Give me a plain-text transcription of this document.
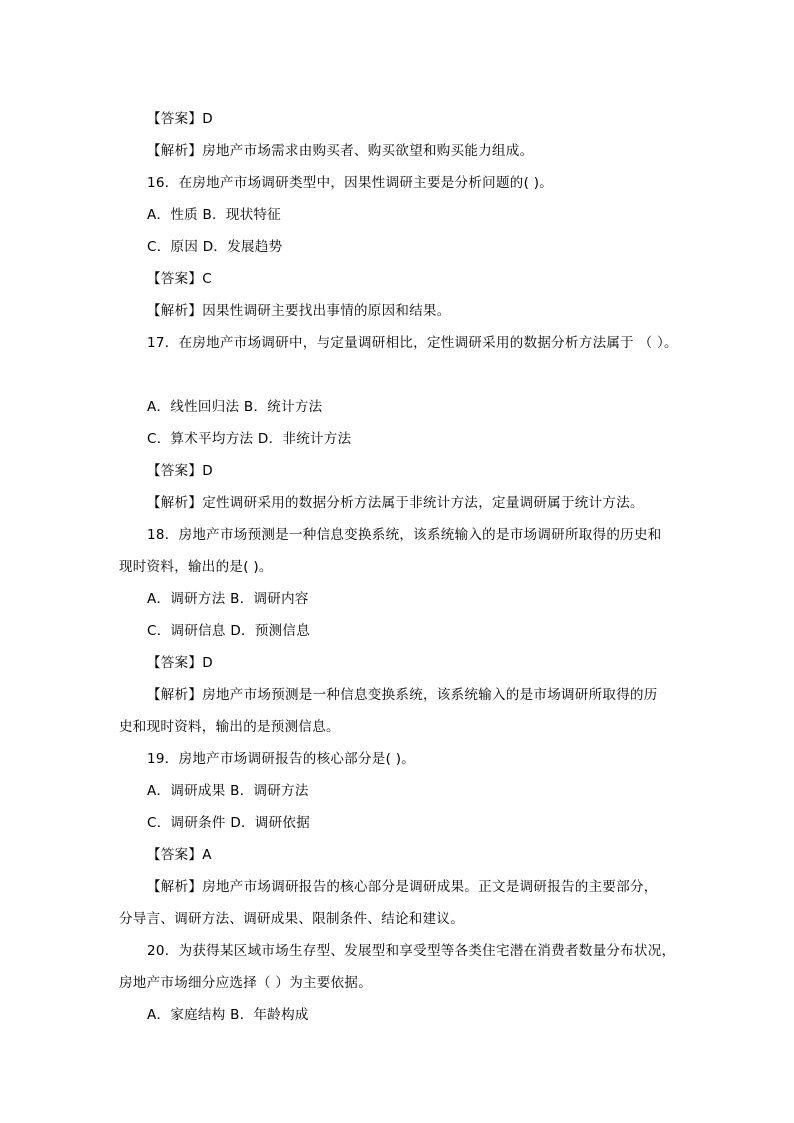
【答案】D
【解析】房地产市场需求由购买者、购买欲望和购买能力组成。
16．在房地产市场调研类型中，因果性调研主要是分析问题的( )。
A．性质 B．现状特征
C．原因 D．发展趋势
【答案】C
【解析】因果性调研主要找出事情的原因和结果。
17．在房地产市场调研中，与定量调研相比，定性调研采用的数据分析方法属于 （ ）。
A．线性回归法 B．统计方法
C．算术平均方法 D．非统计方法
【答案】D
【解析】定性调研采用的数据分析方法属于非统计方法，定量调研属于统计方法。
18．房地产市场预测是一种信息变换系统，该系统输入的是市场调研所取得的历史和
现时资料，输出的是( )。
A．调研方法 B．调研内容
C．调研信息 D．预测信息
【答案】D
【解析】房地产市场预测是一种信息变换系统，该系统输入的是市场调研所取得的历
史和现时资料，输出的是预测信息。
19．房地产市场调研报告的核心部分是( )。
A．调研成果 B．调研方法
C．调研条件 D．调研依据
【答案】A
【解析】房地产市场调研报告的核心部分是调研成果。正文是调研报告的主要部分，
分导言、调研方法、调研成果、限制条件、结论和建议。
20．为获得某区域市场生存型、发展型和享受型等各类住宅潜在消费者数量分布状况，
房地产市场细分应选择（ ）为主要依据。
A．家庭结构 B．年龄构成
